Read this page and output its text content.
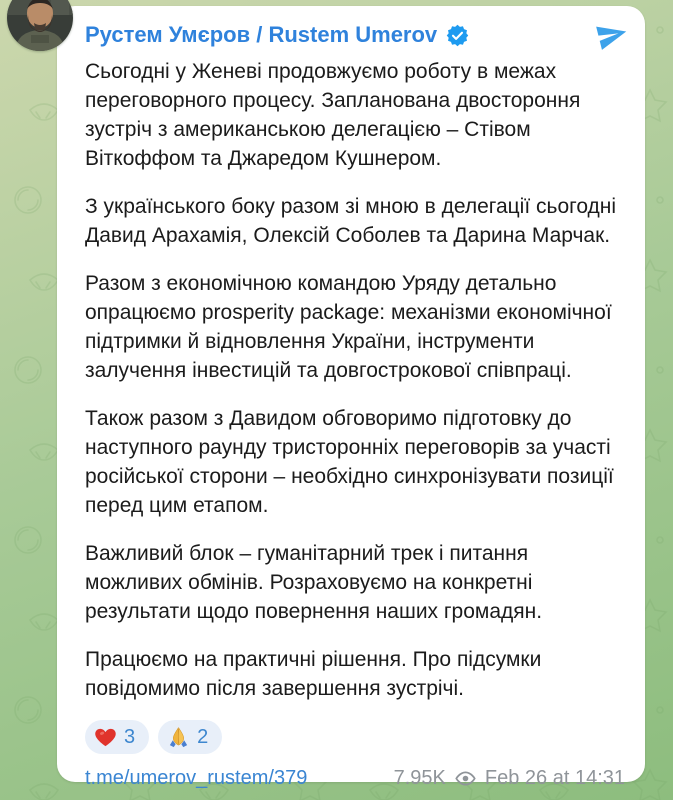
Рустем Умєров / Rustem Umerov

Сьогодні у Женеві продовжуємо роботу в межах переговорного процесу. Запланована двостороння зустріч з американською делегацією – Стівом Віткоффом та Джаредом Кушнером.

З українського боку разом зі мною в делегації сьогодні Давид Арахамія, Олексій Соболев та Дарина Марчак.

Разом з економічною командою Уряду детально опрацюємо prosperity package: механізми економічної підтримки й відновлення України, інструменти залучення інвестицій та довгострокової співпраці.

Також разом з Давидом обговоримо підготовку до наступного раунду тристоронніх переговорів за участі російської сторони – необхідно синхронізувати позиції перед цим етапом.

Важливий блок – гуманітарний трек і питання можливих обмінів. Розраховуємо на конкретні результати щодо повернення наших громадян.

Працюємо на практичні рішення. Про підсумки повідомимо після завершення зустрічі.

3	2
t.me/umerov_rustem/379	7.95K Feb 26 at 14:31
